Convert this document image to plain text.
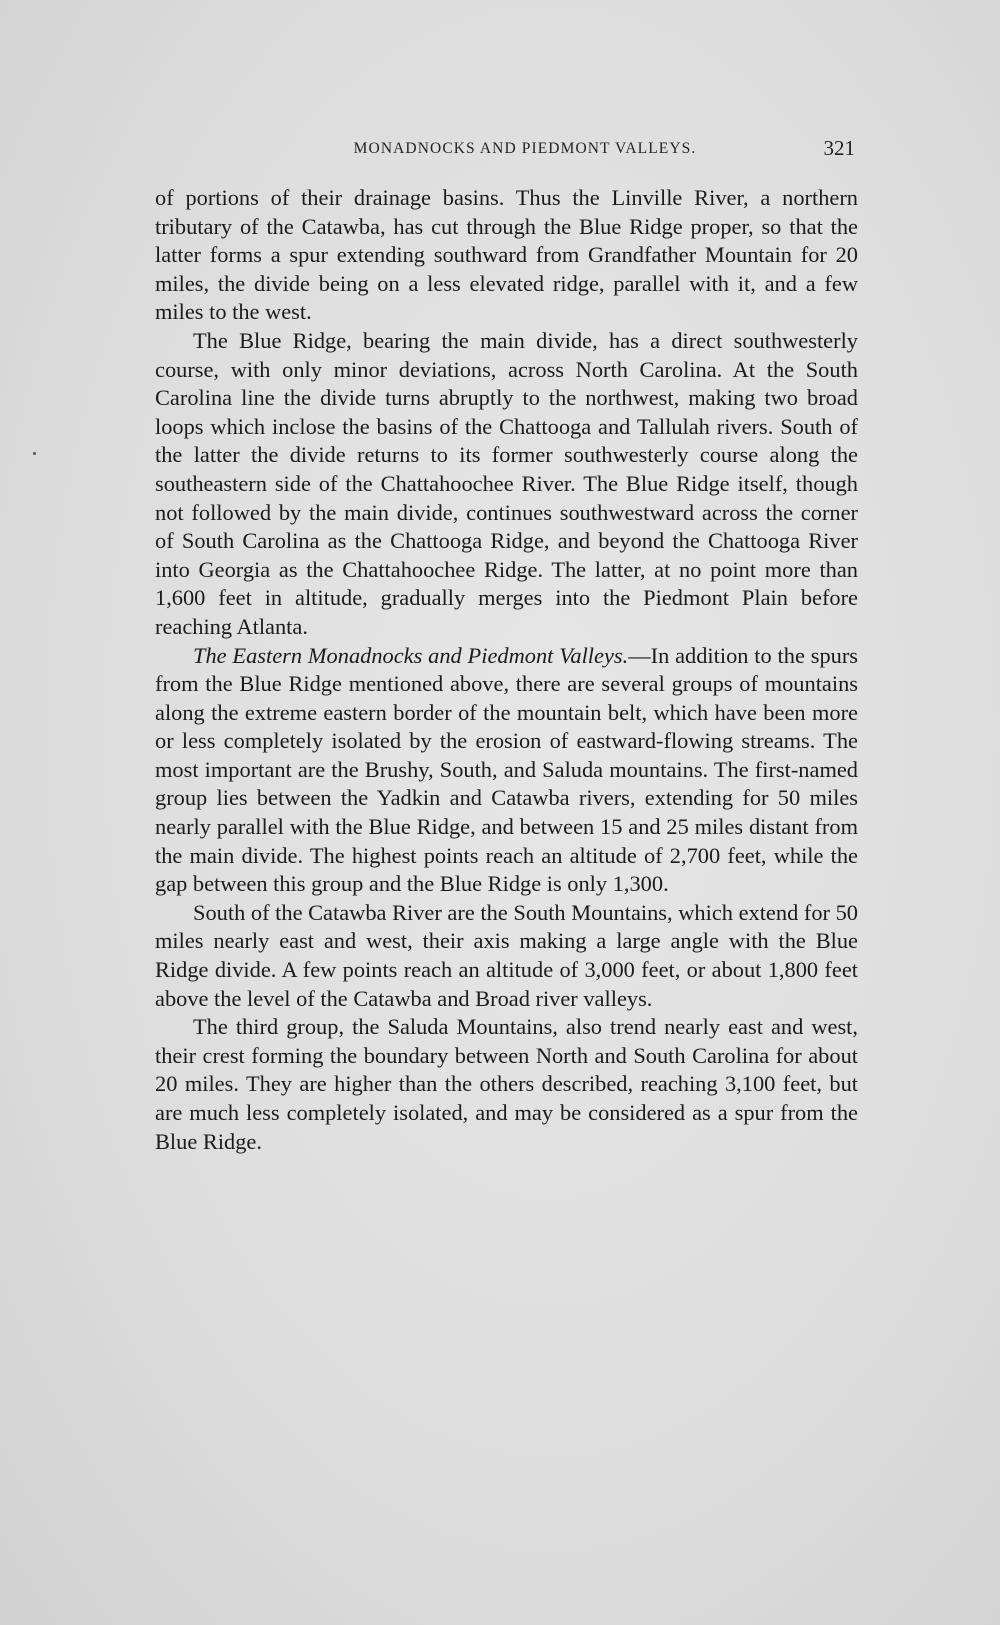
MONADNOCKS AND PIEDMONT VALLEYS.	321

of portions of their drainage basins. Thus the Linville River, a northern tributary of the Catawba, has cut through the Blue Ridge proper, so that the latter forms a spur extending southward from Grandfather Mountain for 20 miles, the divide being on a less elevated ridge, parallel with it, and a few miles to the west.

The Blue Ridge, bearing the main divide, has a direct southwesterly course, with only minor deviations, across North Carolina. At the South Carolina line the divide turns abruptly to the northwest, making two broad loops which inclose the basins of the Chattooga and Tallulah rivers. South of the latter the divide returns to its former southwesterly course along the southeastern side of the Chattahoochee River. The Blue Ridge itself, though not followed by the main divide, continues southwestward across the corner of South Carolina as the Chattooga Ridge, and beyond the Chattooga River into Georgia as the Chattahoochee Ridge. The latter, at no point more than 1,600 feet in altitude, gradually merges into the Piedmont Plain before reaching Atlanta.

The Eastern Monadnocks and Piedmont Valleys.—In addition to the spurs from the Blue Ridge mentioned above, there are several groups of mountains along the extreme eastern border of the mountain belt, which have been more or less completely isolated by the erosion of eastward-flowing streams. The most important are the Brushy, South, and Saluda mountains. The first-named group lies between the Yadkin and Catawba rivers, extending for 50 miles nearly parallel with the Blue Ridge, and between 15 and 25 miles distant from the main divide. The highest points reach an altitude of 2,700 feet, while the gap between this group and the Blue Ridge is only 1,300.

South of the Catawba River are the South Mountains, which extend for 50 miles nearly east and west, their axis making a large angle with the Blue Ridge divide. A few points reach an altitude of 3,000 feet, or about 1,800 feet above the level of the Catawba and Broad river valleys.

The third group, the Saluda Mountains, also trend nearly east and west, their crest forming the boundary between North and South Carolina for about 20 miles. They are higher than the others described, reaching 3,100 feet, but are much less completely isolated, and may be considered as a spur from the Blue Ridge.
